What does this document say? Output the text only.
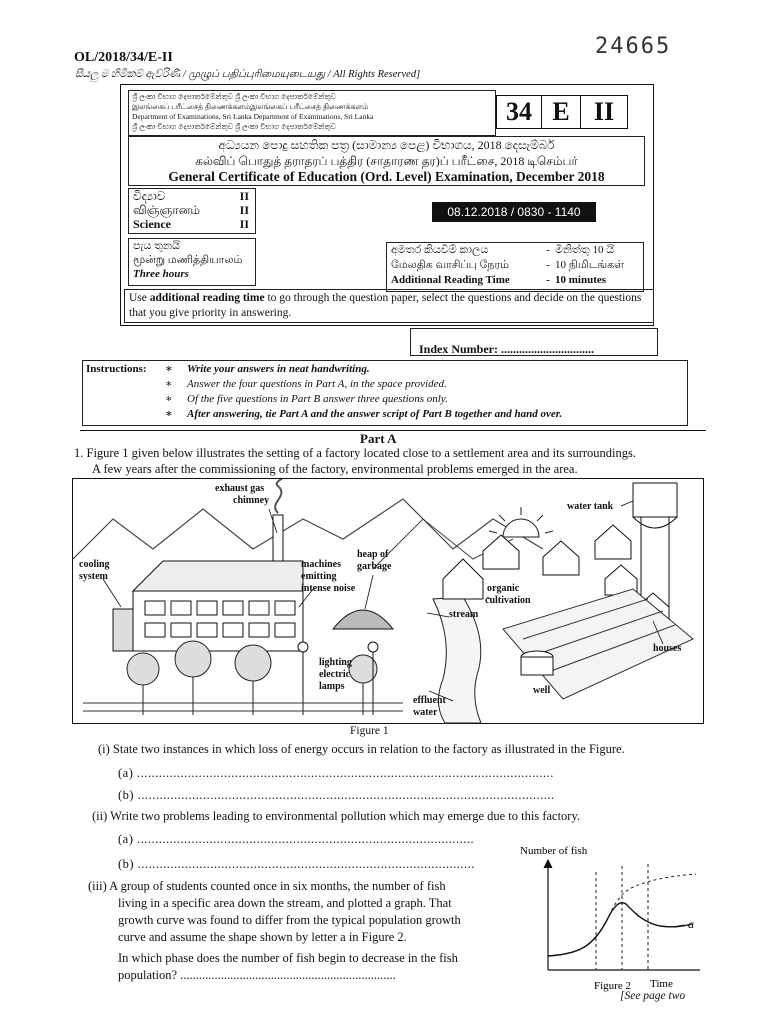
OL/2018/34/E-II	24665
සියලු ම හිමිකම් ඇව්රිණි / முழுப் பதிப்புரிமையுடையது / All Rights Reserved]
ශ්‍රී ලංකා විභාග දෙපාර්තමේන්තුව ශ්‍රී ලංකා විභාග දෙපාර්තමේන්තුව
இலங்கைப் பரீட்சைத் திணைக்களம்இலங்கைப் பரீட்சைத் திணைக்களம்
Department of Examinations, Sri Lanka Department of Examinations, Sri Lanka
ශ්‍රී ලංකා විභාග දෙපාර්තමේන්තුව ශ්‍රී ලංකා විභාග දෙපාර්තමේන්තුව
34 E II
අධ්‍යයන පොදු සහතික පත්‍ර (සාමාන්‍ය පෙළ) විභාගය, 2018 දෙසැම්බර්
கல்விப் பொதுத் தராதரப் பத்திர (சாதாரண தர)ப் பரீட்சை, 2018 டிசெம்பர்
General Certificate of Education (Ord. Level) Examination, December 2018
විද්‍යාව	II
விஞ்ஞானம்	II
Science	II
08.12.2018 / 0830 - 1140
පැය තුනයි
மூன்று மணித்தியாலம்
Three hours
අමතර කියවීම් කාලය	- මිනිත්තු 10 යි
மேலதிக வாசிப்பு நேரம்	- 10 நிமிடங்கள்
Additional Reading Time	- 10 minutes
Use additional reading time to go through the question paper, select the questions and decide on the questions that you give priority in answering.
Index Number: ...............................
Instructions: ∗	Write your answers in neat handwriting.
∗	Answer the four questions in Part A, in the space provided.
∗	Of the five questions in Part B answer three questions only.
∗	After answering, tie Part A and the answer script of Part B together and hand over.
Part A
1. Figure 1 given below illustrates the setting of a factory located close to a settlement area and its surroundings.
A few years after the commissioning of the factory, environmental problems emerged in the area.
exhaust gas
chimney
cooling
system
machines
emitting
intense noise
heap of
garbage
water tank
organic
cultivation
stream
lighting
electric
lamps
effluent
water
well
houses
Figure 1
(i) State two instances in which loss of energy occurs in relation to the factory as illustrated in the Figure.
(a) ...................................................................................................................
(b) ...................................................................................................................
(ii) Write two problems leading to environmental pollution which may emerge due to this factory.
(a) .............................................................................................
(b) .............................................................................................
(iii) A group of students counted once in six months, the number of fish
living in a specific area down the stream, and plotted a graph. That
growth curve was found to differ from the typical population growth
curve and assume the shape shown by letter a in Figure 2.
In which phase does the number of fish begin to decrease in the fish
population? .....................................................................
Number of fish
a
Time
Figure 2
[See page two
